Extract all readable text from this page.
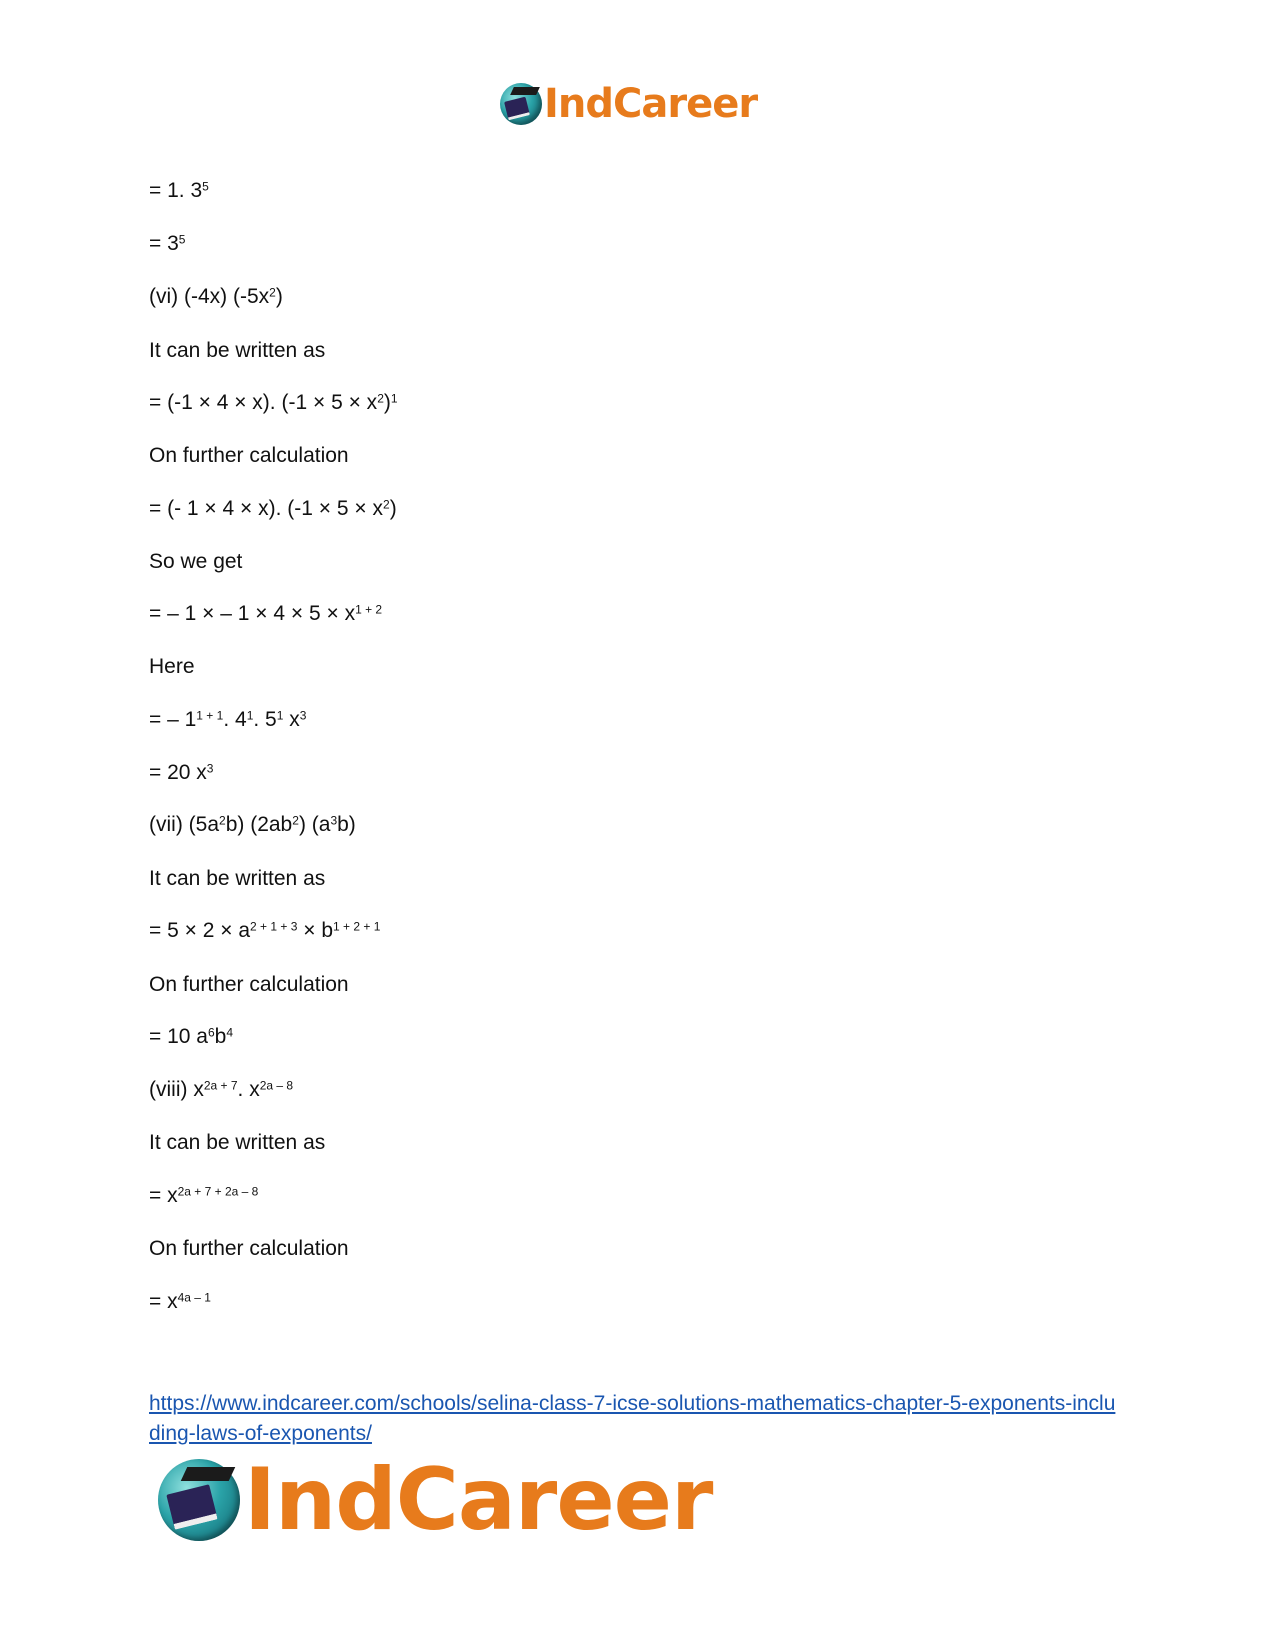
IndCareer
= 1. $3^5$
= $3^5$
(vi) (-4x) $(-5x^2)$
It can be written as
= (-1 × 4 × x). $(-1 \times 5 \times x^2)^1$
On further calculation
= (- 1 × 4 × x). $(-1 \times 5 \times x^2)$
So we get
= – 1 × – $1 \times 4 \times 5 \times x^{1 + 2}$
Here
= – $1^{1 + 1}$. $4^1$. $5^1$ $x^3$
= 20 $x^3$
(vii) $(5a^2b)$ $(2ab^2)$ $(a^3b)$
It can be written as
= $5 \times 2 \times a^{2 + 1 + 3} \times b^{1 + 2 + 1}$
On further calculation
= 10 $a^6b^4$
(viii) $x^{2a + 7}$. $x^{2a - 8}$
It can be written as
= $x^{2a + 7 + 2a - 8}$
On further calculation
= $x^{4a - 1}$
https://www.indcareer.com/schools/selina-class-7-icse-solutions-mathematics-chapter-5-exponents-including-laws-of-exponents/
IndCareer
